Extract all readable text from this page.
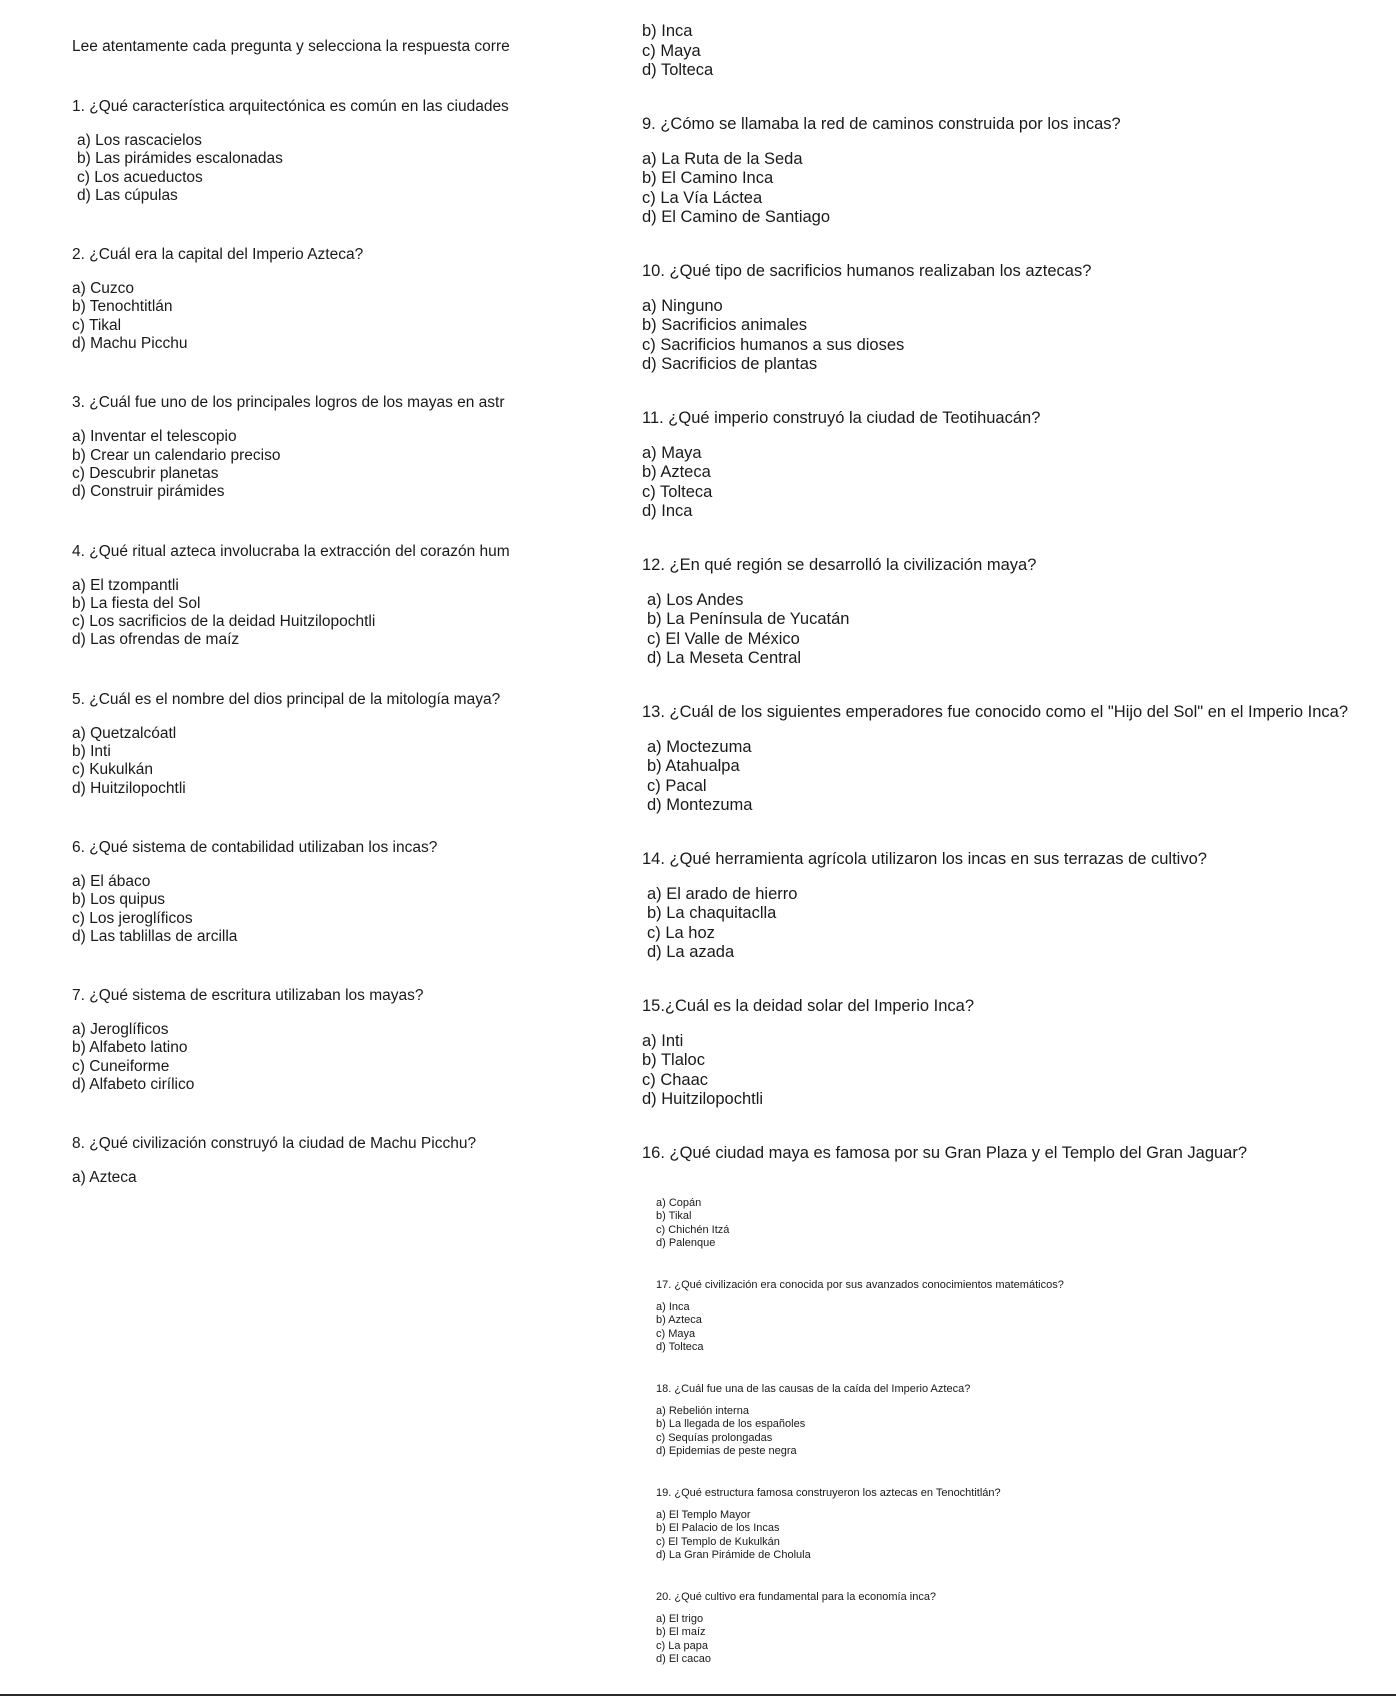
Lee atentamente cada pregunta y selecciona la respuesta corre
1. ¿Qué característica arquitectónica es común en las ciudades
a) Los rascacielos
b) Las pirámides escalonadas
c) Los acueductos
d) Las cúpulas
2. ¿Cuál era la capital del Imperio Azteca?
a) Cuzco
b) Tenochtitlán
c) Tikal
d) Machu Picchu
3. ¿Cuál fue uno de los principales logros de los mayas en astr
a) Inventar el telescopio
b) Crear un calendario preciso
c) Descubrir planetas
d) Construir pirámides
4. ¿Qué ritual azteca involucraba la extracción del corazón hum
a) El tzompantli
b) La fiesta del Sol
c) Los sacrificios de la deidad Huitzilopochtli
d) Las ofrendas de maíz
5. ¿Cuál es el nombre del dios principal de la mitología maya?
a) Quetzalcóatl
b) Inti
c) Kukulkán
d) Huitzilopochtli
6. ¿Qué sistema de contabilidad utilizaban los incas?
a) El ábaco
b) Los quipus
c) Los jeroglíficos
d) Las tablillas de arcilla
7. ¿Qué sistema de escritura utilizaban los mayas?
a) Jeroglíficos
b) Alfabeto latino
c) Cuneiforme
d) Alfabeto cirílico
8. ¿Qué civilización construyó la ciudad de Machu Picchu?
a) Azteca
b) Inca
c) Maya
d) Tolteca
9. ¿Cómo se llamaba la red de caminos construida por los incas?
a) La Ruta de la Seda
b) El Camino Inca
c) La Vía Láctea
d) El Camino de Santiago
10. ¿Qué tipo de sacrificios humanos realizaban los aztecas?
a) Ninguno
b) Sacrificios animales
c) Sacrificios humanos a sus dioses
d) Sacrificios de plantas
11. ¿Qué imperio construyó la ciudad de Teotihuacán?
a) Maya
b) Azteca
c) Tolteca
d) Inca
12. ¿En qué región se desarrolló la civilización maya?
a) Los Andes
b) La Península de Yucatán
c) El Valle de México
d) La Meseta Central
13. ¿Cuál de los siguientes emperadores fue conocido como el "Hijo del Sol" en el Imperio Inca?
a) Moctezuma
b) Atahualpa
c) Pacal
d) Montezuma
14. ¿Qué herramienta agrícola utilizaron los incas en sus terrazas de cultivo?
a) El arado de hierro
b) La chaquitaclla
c) La hoz
d) La azada
15.¿Cuál es la deidad solar del Imperio Inca?
a) Inti
b) Tlaloc
c) Chaac
d) Huitzilopochtli
16. ¿Qué ciudad maya es famosa por su Gran Plaza y el Templo del Gran Jaguar?
a) Copán
b) Tikal
c) Chichén Itzá
d) Palenque
17. ¿Qué civilización era conocida por sus avanzados conocimientos matemáticos?
a) Inca
b) Azteca
c) Maya
d) Tolteca
18. ¿Cuál fue una de las causas de la caída del Imperio Azteca?
a) Rebelión interna
b) La llegada de los españoles
c) Sequías prolongadas
d) Epidemias de peste negra
19. ¿Qué estructura famosa construyeron los aztecas en Tenochtitlán?
a) El Templo Mayor
b) El Palacio de los Incas
c) El Templo de Kukulkán
d) La Gran Pirámide de Cholula
20. ¿Qué cultivo era fundamental para la economía inca?
a) El trigo
b) El maíz
c) La papa
d) El cacao
